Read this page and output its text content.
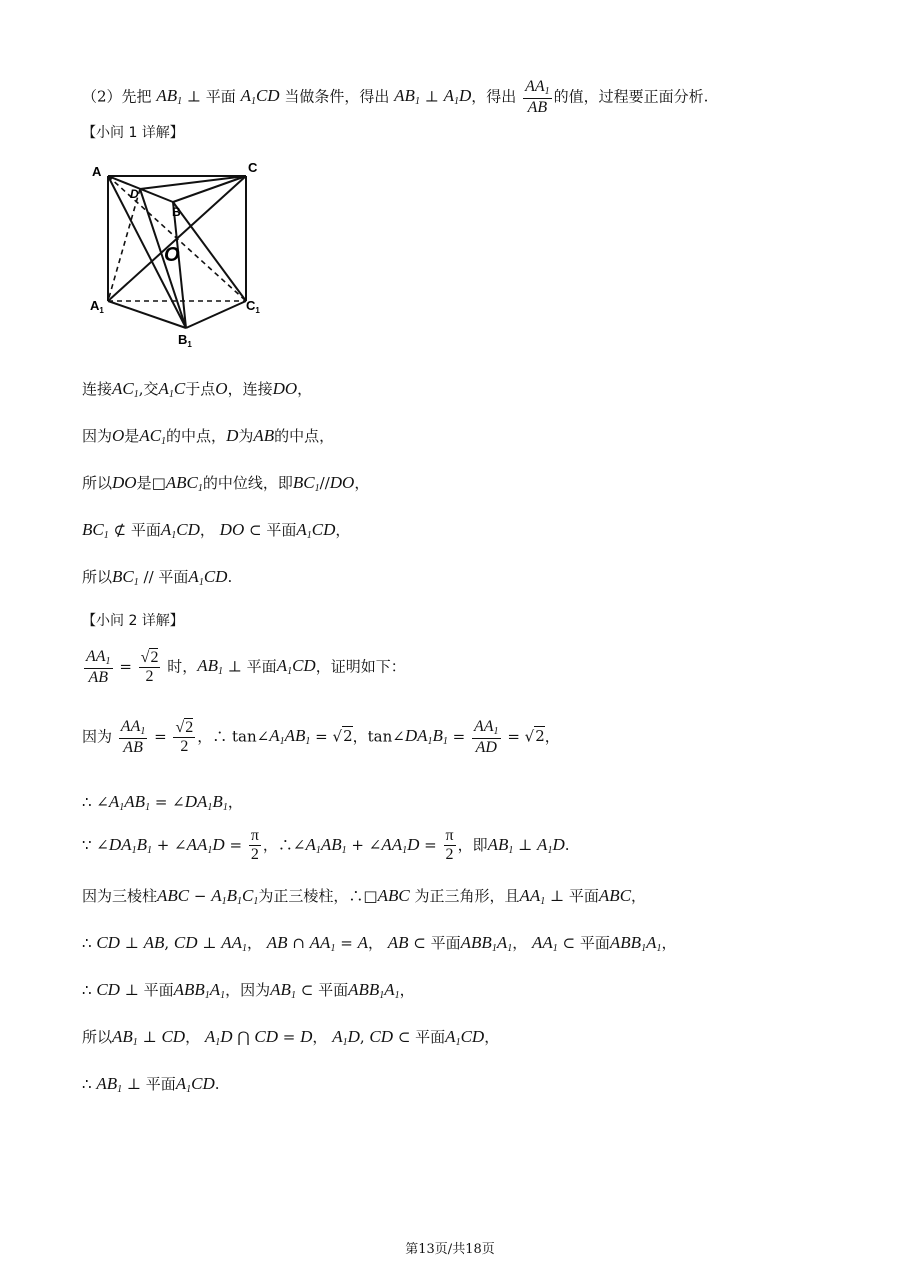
（2）先把 $AB_1$ ⊥ 平面 $A_1CD$ 当做条件，得出 $AB_1$ ⊥ $A_1D$，得出 $\frac{AA_1}{AB}$ 的值，过程要正面分析.
【小问 1 详解】
A	C
D
B
O
$A_1$	$C_1$
$B_1$
连接$AC_1$,交$A_1C$于点O，连接DO，
因为O是$AC_1$的中点，D为AB的中点，
所以DO是$□ABC_1$的中位线，即$BC_1//DO$，
$BC_1$ ⊄ 平面$A_1CD$， DO ⊂ 平面$A_1CD$，
所以$BC_1$ // 平面$A_1CD$.
【小问 2 详解】
$\frac{AA_1}{AB} = \frac{√2}{2}$ 时，$AB_1$ ⊥ 平面$A_1CD$，证明如下：
因为 $\frac{AA_1}{AB} = \frac{√2}{2}$ ，∴ $\tan\angle A_1AB_1 = √2$，$\tan\angle DA_1B_1 = \frac{AA_1}{AD} = √2$，
∴ $\angle A_1AB_1$ = $\angle DA_1B_1$，
∵ $\angle DA_1B_1$ + $\angle AA_1D = \frac{\pi}{2}$ ，$\therefore\angle A_1AB_1$ + $\angle AA_1D = \frac{\pi}{2}$ ，即$AB_1$ ⊥ $A_1D$.
因为三棱柱ABC − $A_1B_1C_1$为正三棱柱，∴□ABC 为正三角形，且$AA_1$ ⊥ 平面ABC，
∴ CD ⊥ AB, CD ⊥ $AA_1$， AB ∩ $AA_1 = A$， AB ⊂ 平面$ABB_1A_1$， $AA_1$ ⊂ 平面$ABB_1A_1$，
∴ CD ⊥ 平面$ABB_1A_1$，因为$AB_1$ ⊂ 平面$ABB_1A_1$，
所以$AB_1$ ⊥ CD， $A_1D$ ⋂ CD = D， $A_1D$, CD ⊂ 平面$A_1CD$，
∴ $AB_1$ ⊥ 平面$A_1CD$.
第13页/共18页
